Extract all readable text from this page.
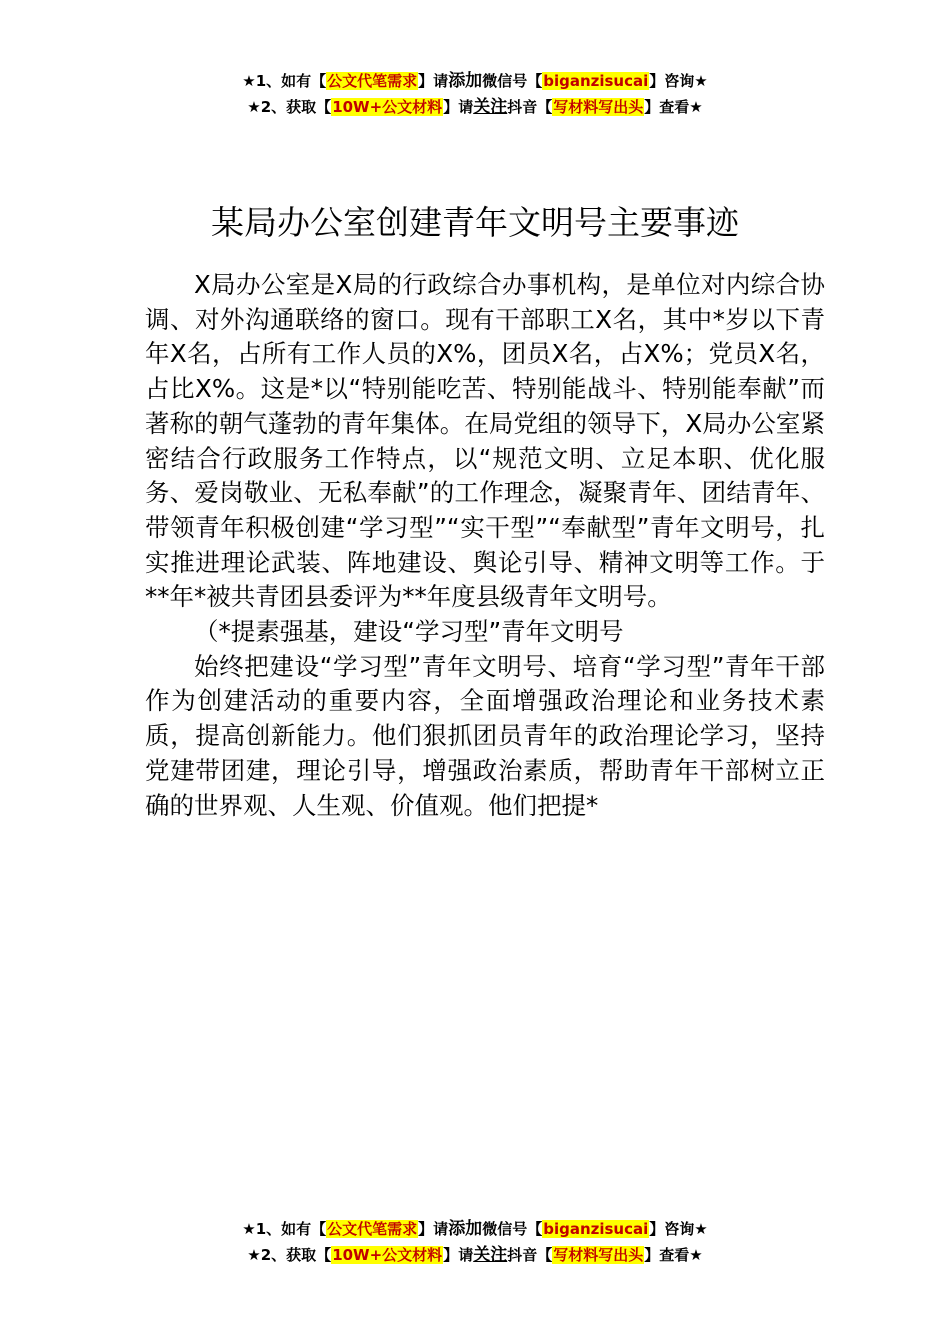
★1、如有【公文代笔需求】请添加微信号【biganzisucai】咨询★
★2、获取【10W+公文材料】请关注抖音【写材料写出头】查看★
某局办公室创建青年文明号主要事迹

X局办公室是X局的行政综合办事机构，是单位对内综合协调、对外沟通联络的窗口。现有干部职工X名，其中*岁以下青年X名，占所有工作人员的X%，团员X名，占X%；党员X名，占比X%。这是*以“特别能吃苦、特别能战斗、特别能奉献”而著称的朝气蓬勃的青年集体。在局党组的领导下，X局办公室紧密结合行政服务工作特点，以“规范文明、立足本职、优化服务、爱岗敬业、无私奉献”的工作理念，凝聚青年、团结青年、带领青年积极创建“学习型”“实干型”“奉献型”青年文明号，扎实推进理论武装、阵地建设、舆论引导、精神文明等工作。于**年*被共青团县委评为**年度县级青年文明号。

（*提素强基，建设“学习型”青年文明号

始终把建设“学习型”青年文明号、培育“学习型”青年干部作为创建活动的重要内容，全面增强政治理论和业务技术素质，提高创新能力。他们狠抓团员青年的政治理论学习，坚持党建带团建，理论引导，增强政治素质，帮助青年干部树立正确的世界观、人生观、价值观。他们把提*

★1、如有【公文代笔需求】请添加微信号【biganzisucai】咨询★
★2、获取【10W+公文材料】请关注抖音【写材料写出头】查看★
